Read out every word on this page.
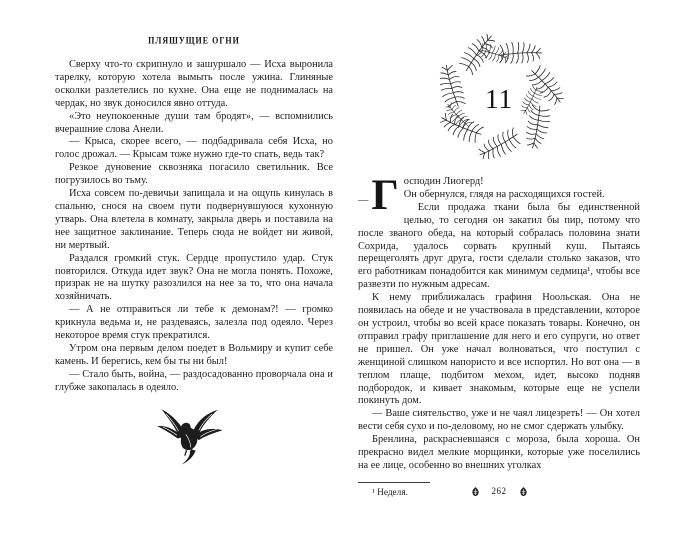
ПЛЯШУЩИЕ ОГНИ

Сверху что-то скрипнуло и зашуршало — Исха выронила тарелку, которую хотела вымыть после ужина. Глиняные осколки разлетелись по кухне. Она еще не поднималась на чердак, но звук доносился явно оттуда.

«Это неупокоенные души там бродят», — вспомнились вчерашние слова Анели.

— Крыса, скорее всего, — подбадривала себя Исха, но голос дрожал. — Крысам тоже нужно где-то спать, ведь так?

Резкое дуновение сквозняка погасило светильник. Все погрузилось во тьму.

Исха совсем по-девичьи запищала и на ощупь кинулась в спальню, снося на своем пути подвернувшуюся кухонную утварь. Она влетела в комнату, закрыла дверь и поставила на нее защитное заклинание. Теперь сюда не войдет ни живой, ни мертвый.

Раздался громкий стук. Сердце пропустило удар. Стук повторился. Откуда идет звук? Она не могла понять. Похоже, призрак не на шутку разозлился на нее за то, что она начала хозяйничать.

— А не отправиться ли тебе к демонам?! — громко крикнула ведьма и, не раздеваясь, залезла под одеяло. Через некоторое время стук прекратился.

Утром она первым делом поедет в Вольмиру и купит себе камень. И берегись, кем бы ты ни был!

— Стало быть, война, — раздосадованно проворчала она и глубже закопалась в одеяло.

11

— Г осподин Лиогерд!

Он обернулся, глядя на расходящихся гостей.

Если продажа ткани была бы единственной целью, то сегодня он закатил бы пир, потому что после званого обеда, на который собралась половина знати Сохрида, удалось сорвать крупный куш. Пытаясь перещеголять друг друга, гости сделали столько заказов, что его работникам понадобится как минимум седмица¹, чтобы все развезти по нужным адресам.

К нему приближалась графиня Ноольская. Она не появилась на обеде и не участвовала в представлении, которое он устроил, чтобы во всей красе показать товары. Конечно, он отправил графу приглашение для него и его супруги, но ответ не пришел. Он уже начал волноваться, что поступил с женщиной слишком напористо и все испортил. Но вот она — в теплом плаще, подбитом мехом, идет, высоко подняв подбородок, и кивает знакомым, которые еще не успели покинуть дом.

— Ваше сиятельство, уже и не чаял лицезреть! — Он хотел вести себя сухо и по-деловому, но не смог сдержать улыбку.

Бренлина, раскрасневшаяся с мороза, была хороша. Он прекрасно видел мелкие морщинки, которые уже поселились на ее лице, особенно во внешних уголках

¹ Неделя.	262
